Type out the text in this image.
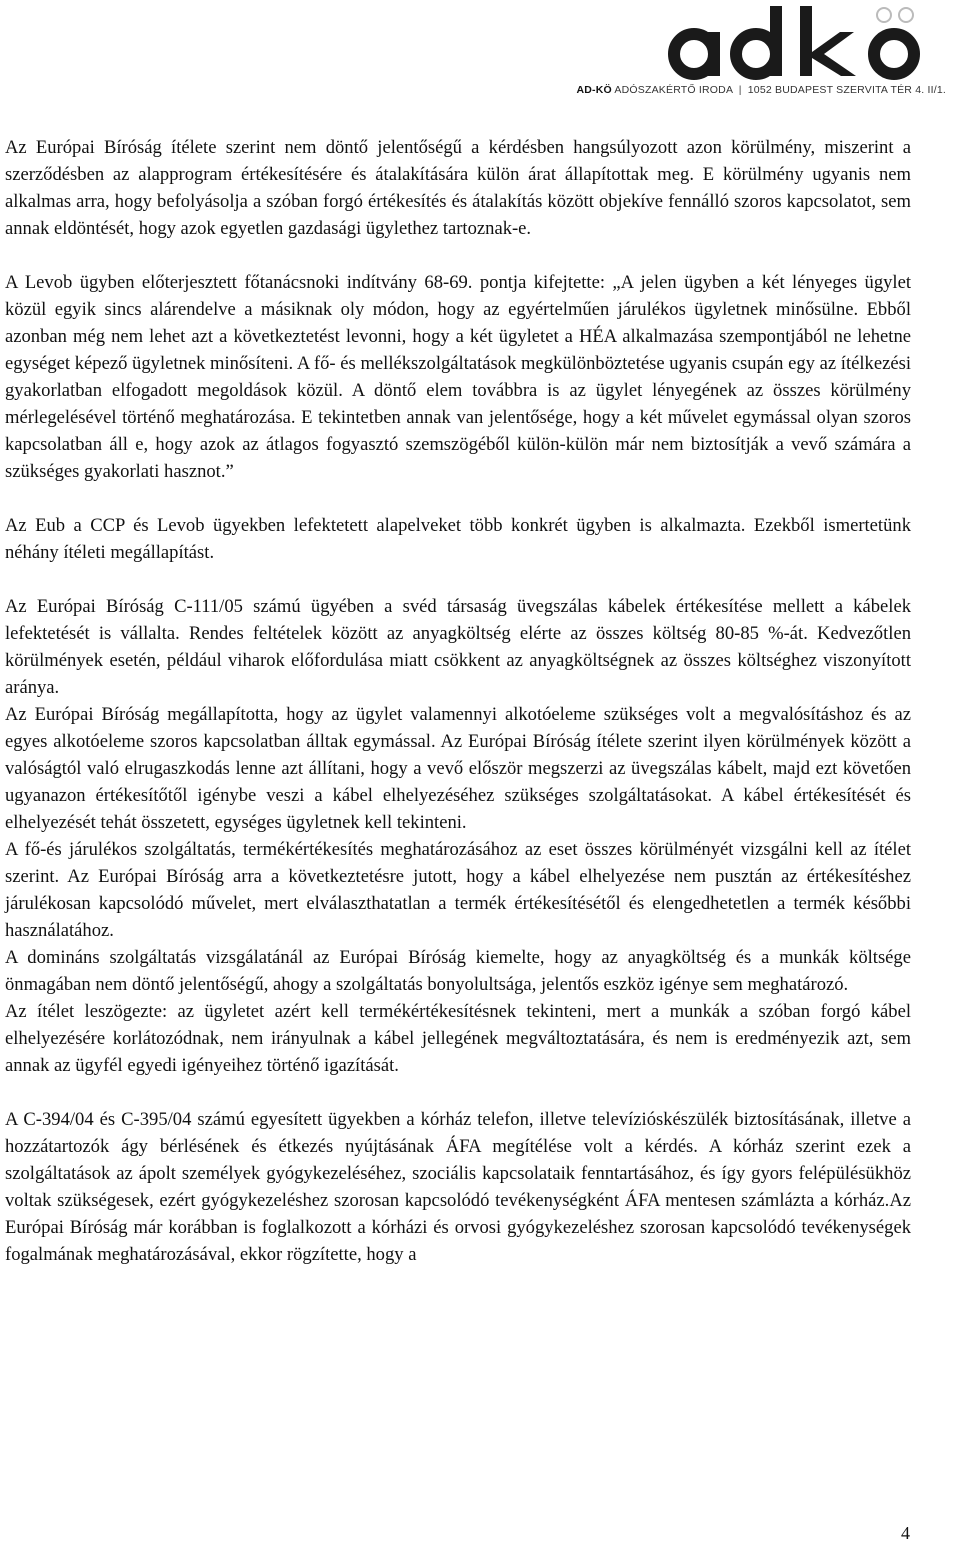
AD-KÖ ADÓSZAKÉRTŐ IRODA | 1052 BUDAPEST SZERVITA TÉR 4. II/1.

Az Európai Bíróság ítélete szerint nem döntő jelentőségű a kérdésben hangsúlyozott azon körülmény, miszerint a szerződésben az alapprogram értékesítésére és átalakítására külön árat állapítottak meg. E körülmény ugyanis nem alkalmas arra, hogy befolyásolja a szóban forgó értékesítés és átalakítás között objekíve fennálló szoros kapcsolatot, sem annak eldöntését, hogy azok egyetlen gazdasági ügylethez tartoznak-e.

A Levob ügyben előterjesztett főtanácsnoki indítvány 68-69. pontja kifejtette: „A jelen ügyben a két lényeges ügylet közül egyik sincs alárendelve a másiknak oly módon, hogy az egyértelműen járulékos ügyletnek minősülne. Ebből azonban még nem lehet azt a következtetést levonni, hogy a két ügyletet a HÉA alkalmazása szempontjából ne lehetne egységet képező ügyletnek minősíteni. A fő- és mellékszolgáltatások megkülönböztetése ugyanis csupán egy az ítélkezési gyakorlatban elfogadott megoldások közül. A döntő elem továbbra is az ügylet lényegének az összes körülmény mérlegelésével történő meghatározása. E tekintetben annak van jelentősége, hogy a két művelet egymással olyan szoros kapcsolatban áll e, hogy azok az átlagos fogyasztó szemszögéből külön-külön már nem biztosítják a vevő számára a szükséges gyakorlati hasznot.”

Az Eub a CCP és Levob ügyekben lefektetett alapelveket több konkrét ügyben is alkalmazta. Ezekből ismertetünk néhány ítéleti megállapítást.

Az Európai Bíróság C-111/05 számú ügyében a svéd társaság üvegszálas kábelek értékesítése mellett a kábelek lefektetését is vállalta. Rendes feltételek között az anyagköltség elérte az összes költség 80-85 %-át. Kedvezőtlen körülmények esetén, például viharok előfordulása miatt csökkent az anyagköltségnek az összes költséghez viszonyított aránya.

Az Európai Bíróság megállapította, hogy az ügylet valamennyi alkotóeleme szükséges volt a megvalósításhoz és az egyes alkotóeleme szoros kapcsolatban álltak egymással. Az Európai Bíróság ítélete szerint ilyen körülmények között a valóságtól való elrugaszkodás lenne azt állítani, hogy a vevő először megszerzi az üvegszálas kábelt, majd ezt követően ugyanazon értékesítőtől igénybe veszi a kábel elhelyezéséhez szükséges szolgáltatásokat. A kábel értékesítését és elhelyezését tehát összetett, egységes ügyletnek kell tekinteni.

A fő-és járulékos szolgáltatás, termékértékesítés meghatározásához az eset összes körülményét vizsgálni kell az ítélet szerint. Az Európai Bíróság arra a következtetésre jutott, hogy a kábel elhelyezése nem pusztán az értékesítéshez járulékosan kapcsolódó művelet, mert elválaszthatatlan a termék értékesítésétől és elengedhetetlen a termék későbbi használatához.

A domináns szolgáltatás vizsgálatánál az Európai Bíróság kiemelte, hogy az anyagköltség és a munkák költsége önmagában nem döntő jelentőségű, ahogy a szolgáltatás bonyolultsága, jelentős eszköz igénye sem meghatározó.

Az ítélet leszögezte: az ügyletet azért kell termékértékesítésnek tekinteni, mert a munkák a szóban forgó kábel elhelyezésére korlátozódnak, nem irányulnak a kábel jellegének megváltoztatására, és nem is eredményezik azt, sem annak az ügyfél egyedi igényeihez történő igazítását.

A C-394/04 és C-395/04 számú egyesített ügyekben a kórház telefon, illetve televízióskészülék biztosításának, illetve a hozzátartozók ágy bérlésének és étkezés nyújtásának ÁFA megítélése volt a kérdés. A kórház szerint ezek a szolgáltatások az ápolt személyek gyógykezeléséhez, szociális kapcsolataik fenntartásához, és így gyors felépülésükhöz voltak szükségesek, ezért gyógykezeléshez szorosan kapcsolódó tevékenységként ÁFA mentesen számlázta a kórház.Az Európai Bíróság már korábban is foglalkozott a kórházi és orvosi gyógykezeléshez szorosan kapcsolódó tevékenységek fogalmának meghatározásával, ekkor rögzítette, hogy a

4
